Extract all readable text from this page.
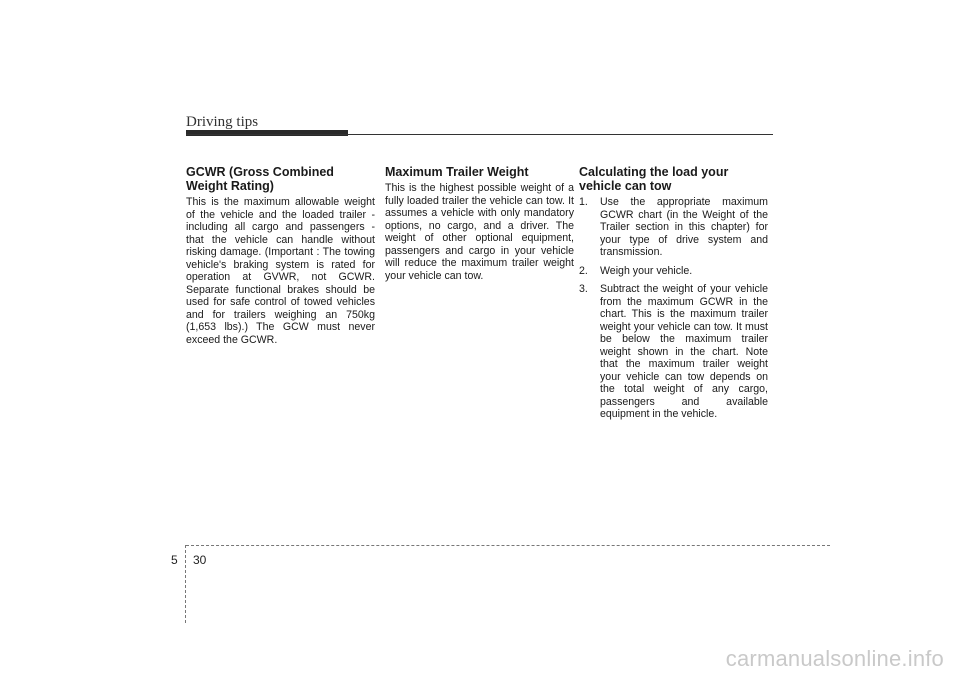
Driving tips
GCWR (Gross Combined Weight Rating)

This is the maximum allowable weight of the vehicle and the loaded trailer - including all cargo and passengers - that the vehicle can handle without risking damage. (Important : The towing vehicle's braking system is rated for operation at GVWR, not GCWR. Separate functional brakes should be used for safe control of towed vehicles and for trailers weighing an 750kg (1,653 lbs).) The GCW must never exceed the GCWR.

Maximum Trailer Weight

This is the highest possible weight of a fully loaded trailer the vehicle can tow. It assumes a vehicle with only mandatory options, no cargo, and a driver. The weight of other optional equipment, passengers and cargo in your vehicle will reduce the maximum trailer weight your vehicle can tow.

Calculating the load your vehicle can tow
1.	Use the appropriate maximum GCWR chart (in the Weight of the Trailer section in this chapter) for your type of drive system and transmission.
2.	Weigh your vehicle.
3.	Subtract the weight of your vehicle from the maximum GCWR in the chart. This is the maximum trailer weight your vehicle can tow. It must be below the maximum trailer weight shown in the chart. Note that the maximum trailer weight your vehicle can tow depends on the total weight of any cargo, passengers and available equipment in the vehicle.
5 30
carmanualsonline.info
